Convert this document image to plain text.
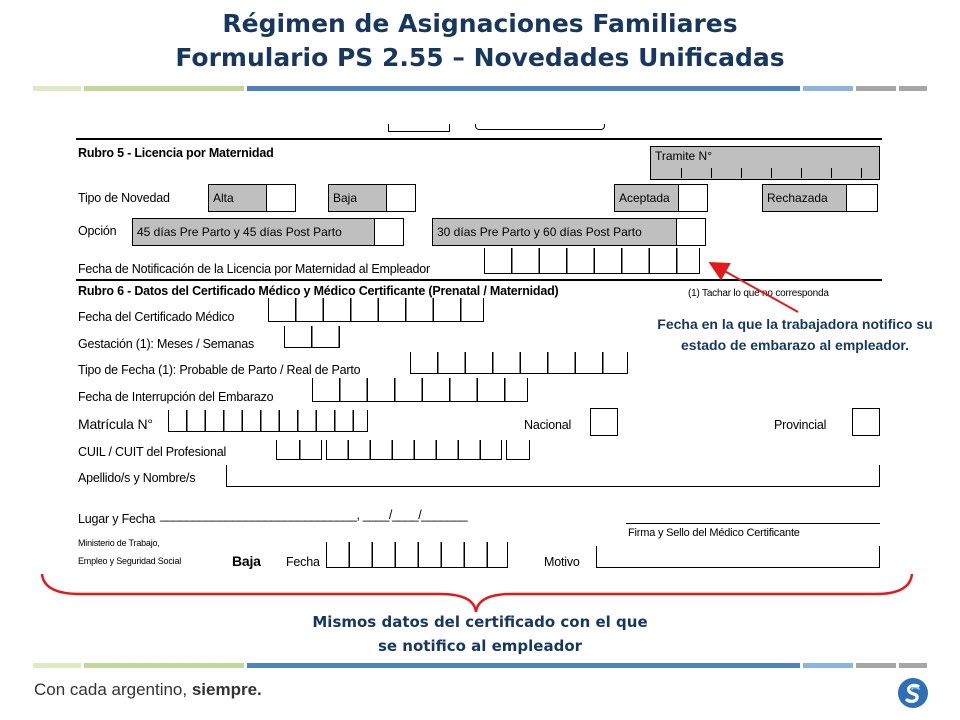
Régimen de Asignaciones Familiares
Formulario PS 2.55 – Novedades Unificadas
Rubro 5 - Licencia por Maternidad	Tramite N°
Tipo de Novedad	Alta	Baja	Aceptada	Rechazada
Opción	45 días Pre Parto y 45 días Post Parto	30 días Pre Parto y 60 días Post Parto
Fecha de Notificación de la Licencia por Maternidad al Empleador
Rubro 6 - Datos del Certificado Médico y Médico Certificante (Prenatal / Maternidad)	(1) Tachar lo que no corresponda
Fecha del Certificado Médico
Gestación (1): Meses / Semanas
Tipo de Fecha (1): Probable de Parto / Real de Parto
Fecha de Interrupción del Embarazo
Matrícula N°	Nacional	Provincial
CUIL / CUIT del Profesional
Apellido/s y Nombre/s
Lugar y Fecha ______________________________, ____/____/_______
Firma y Sello del Médico Certificante
Ministerio de Trabajo,
Empleo y Seguridad Social	Baja Fecha	Motivo
Fecha en la que la trabajadora notifico su estado de embarazo al empleador.
Mismos datos del certificado con el que
se notifico al empleador
Con cada argentino, siempre.
